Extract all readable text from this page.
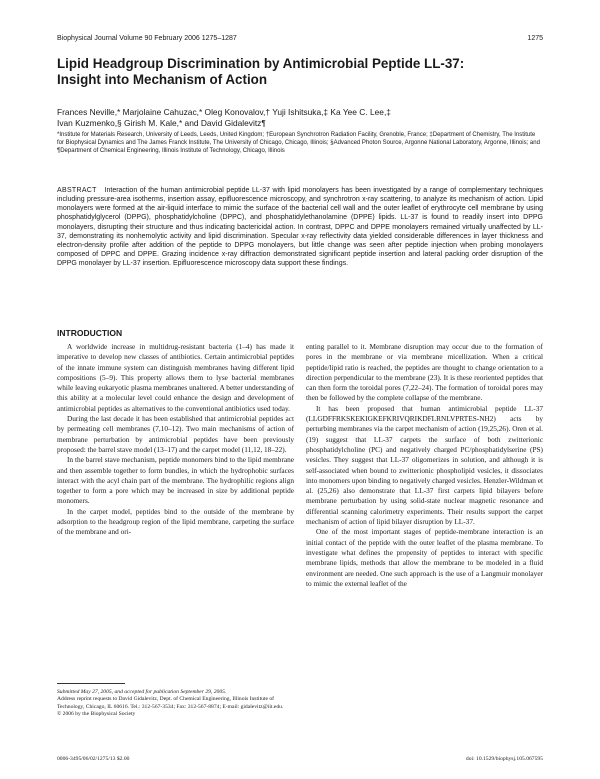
Biophysical Journal Volume 90 February 2006 1275–1287	1275
Lipid Headgroup Discrimination by Antimicrobial Peptide LL-37:
Insight into Mechanism of Action

Frances Neville,* Marjolaine Cahuzac,* Oleg Konovalov,† Yuji Ishitsuka,‡ Ka Yee C. Lee,‡
Ivan Kuzmenko,§ Girish M. Kale,* and David Gidalevitz¶

*Institute for Materials Research, University of Leeds, Leeds, United Kingdom; †European Synchrotron Radiation Facility, Grenoble, France; ‡Department of Chemistry, The Institute for Biophysical Dynamics and The James Franck Institute, The University of Chicago, Chicago, Illinois; §Advanced Photon Source, Argonne National Laboratory, Argonne, Illinois; and ¶Department of Chemical Engineering, Illinois Institute of Technology, Chicago, Illinois

ABSTRACT Interaction of the human antimicrobial peptide LL-37 with lipid monolayers has been investigated by a range of complementary techniques including pressure-area isotherms, insertion assay, epifluorescence microscopy, and synchrotron x-ray scattering, to analyze its mechanism of action. Lipid monolayers were formed at the air-liquid interface to mimic the surface of the bacterial cell wall and the outer leaflet of erythrocyte cell membrane by using phosphatidylglycerol (DPPG), phosphatidylcholine (DPPC), and phosphatidylethanolamine (DPPE) lipids. LL-37 is found to readily insert into DPPG monolayers, disrupting their structure and thus indicating bactericidal action. In contrast, DPPC and DPPE monolayers remained virtually unaffected by LL-37, demonstrating its nonhemolytic activity and lipid discrimination. Specular x-ray reflectivity data yielded considerable differences in layer thickness and electron-density profile after addition of the peptide to DPPG monolayers, but little change was seen after peptide injection when probing monolayers composed of DPPC and DPPE. Grazing incidence x-ray diffraction demonstrated significant peptide insertion and lateral packing order disruption of the DPPG monolayer by LL-37 insertion. Epifluorescence microscopy data support these findings.

INTRODUCTION

A worldwide increase in multidrug-resistant bacteria (1–4) has made it imperative to develop new classes of antibiotics. Certain antimicrobial peptides of the innate immune system can distinguish membranes having different lipid compositions (5–9). This property allows them to lyse bacterial membranes while leaving eukaryotic plasma membranes unaltered. A better understanding of this ability at a molecular level could enhance the design and development of antimicrobial peptides as alternatives to the conventional antibiotics used today.

During the last decade it has been established that antimicrobial peptides act by permeating cell membranes (7,10–12). Two main mechanisms of action of membrane perturbation by antimicrobial peptides have been previously proposed: the barrel stave model (13–17) and the carpet model (11,12, 18–22).

In the barrel stave mechanism, peptide monomers bind to the lipid membrane and then assemble together to form bundles, in which the hydrophobic surfaces interact with the acyl chain part of the membrane. The hydrophilic regions align together to form a pore which may be increased in size by additional peptide monomers.

In the carpet model, peptides bind to the outside of the membrane by adsorption to the headgroup region of the lipid membrane, carpeting the surface of the membrane and ori-

enting parallel to it. Membrane disruption may occur due to the formation of pores in the membrane or via membrane micellization. When a critical peptide/lipid ratio is reached, the peptides are thought to change orientation to a direction perpendicular to the membrane (23). It is these reoriented peptides that can then form the toroidal pores (7,22–24). The formation of toroidal pores may then be followed by the complete collapse of the membrane.

It has been proposed that human antimicrobial peptide LL-37 (LLGDFFRKSKEKIGKEFKRIVQRIKDFLRNLVPRTES-NH2) acts by perturbing membranes via the carpet mechanism of action (19,25,26). Oren et al. (19) suggest that LL-37 carpets the surface of both zwitterionic phosphatidylcholine (PC) and negatively charged PC/phosphatidylserine (PS) vesicles. They suggest that LL-37 oligomerizes in solution, and although it is self-associated when bound to zwitterionic phospholipid vesicles, it dissociates into monomers upon binding to negatively charged vesicles. Henzler-Wildman et al. (25,26) also demonstrate that LL-37 first carpets lipid bilayers before membrane perturbation by using solid-state nuclear magnetic resonance and differential scanning calorimetry experiments. Their results support the carpet mechanism of action of lipid bilayer disruption by LL-37.

One of the most important stages of peptide-membrane interaction is an initial contact of the peptide with the outer leaflet of the plasma membrane. To investigate what defines the propensity of peptides to interact with specific membrane lipids, methods that allow the membrane to be modeled in a fluid environment are needed. One such approach is the use of a Langmuir monolayer to mimic the external leaflet of the

Submitted May 27, 2005, and accepted for publication September 29, 2005.

Address reprint requests to David Gidalevitz, Dept. of Chemical Engineering, Illinois Institute of Technology, Chicago, IL 60616. Tel.: 312-567-3534; Fax: 312-567-8874; E-mail: gidalevitz@iit.edu.

© 2006 by the Biophysical Society

0006-3495/06/02/1275/13 $2.00	doi: 10.1529/biophysj.105.067595
